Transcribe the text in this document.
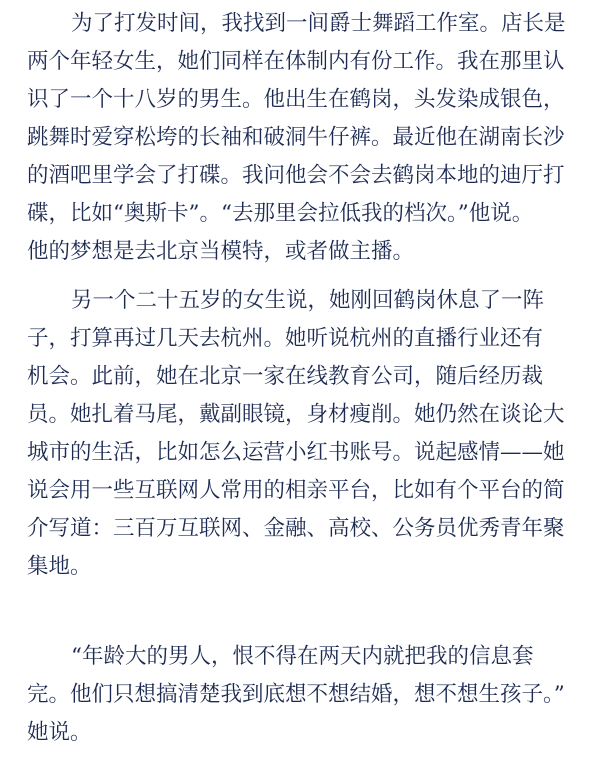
为了打发时间，我找到一间爵士舞蹈工作室。店长是
两个年轻女生，她们同样在体制内有份工作。我在那里认
识了一个十八岁的男生。他出生在鹤岗，头发染成银色，
跳舞时爱穿松垮的长袖和破洞牛仔裤。最近他在湖南长沙
的酒吧里学会了打碟。我问他会不会去鹤岗本地的迪厅打
碟，比如“奥斯卡”。“去那里会拉低我的档次。”他说。
他的梦想是去北京当模特，或者做主播。
另一个二十五岁的女生说，她刚回鹤岗休息了一阵
子，打算再过几天去杭州。她听说杭州的直播行业还有
机会。此前，她在北京一家在线教育公司，随后经历裁
员。她扎着马尾，戴副眼镜，身材瘦削。她仍然在谈论大
城市的生活，比如怎么运营小红书账号。说起感情——她
说会用一些互联网人常用的相亲平台，比如有个平台的简
介写道：三百万互联网、金融、高校、公务员优秀青年聚
集地。
“年龄大的男人，恨不得在两天内就把我的信息套
完。他们只想搞清楚我到底想不想结婚，想不想生孩子。”
她说。
